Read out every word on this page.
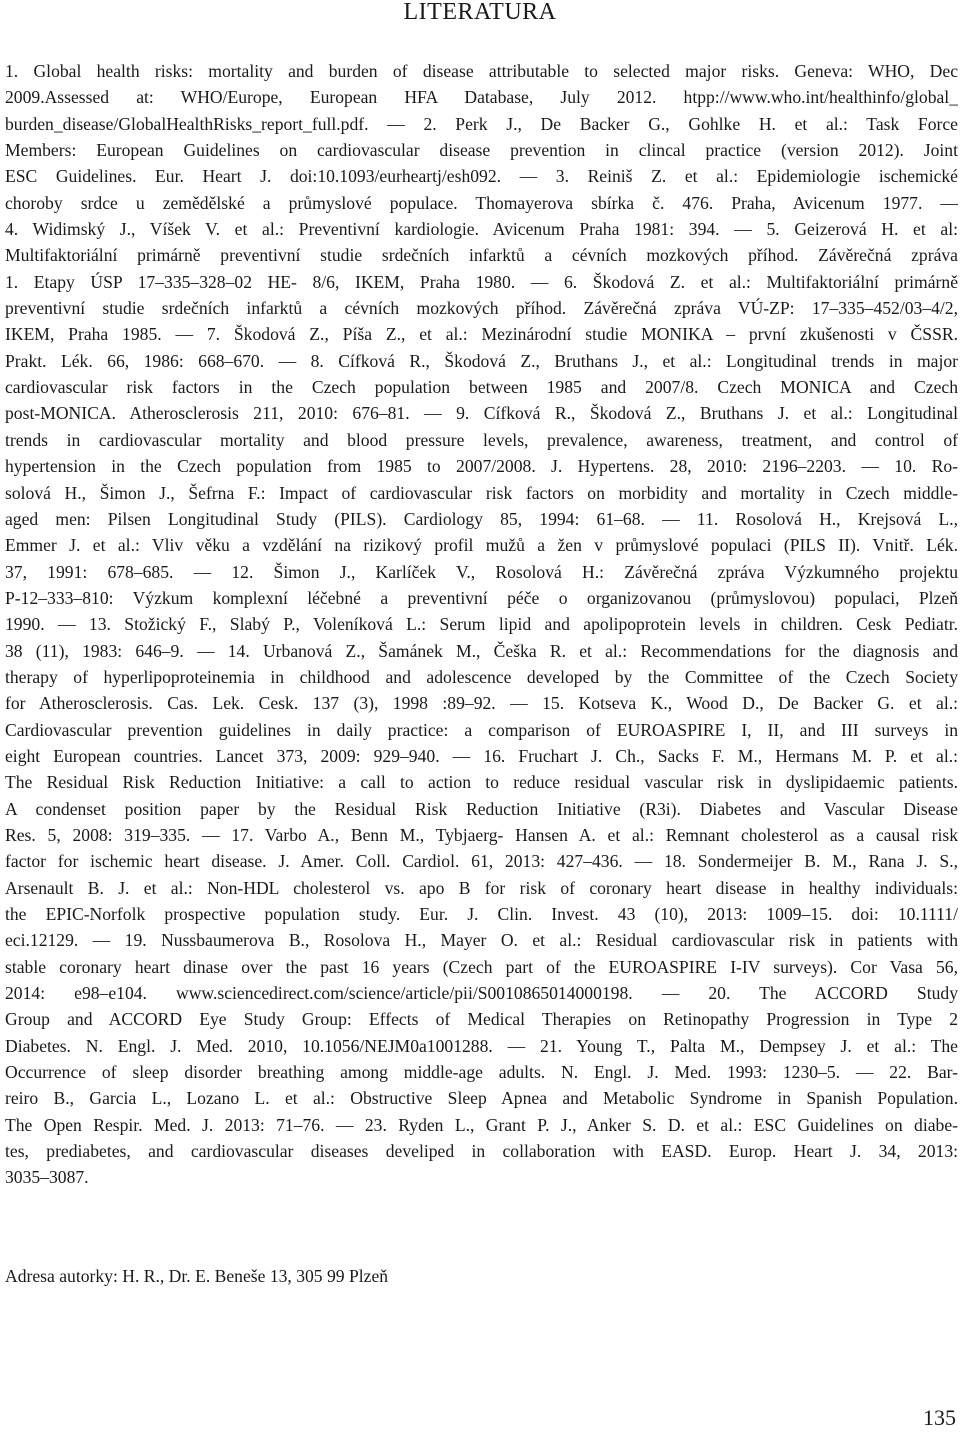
LITERATURA
1. Global health risks: mortality and burden of disease attributable to selected major risks. Geneva: WHO, Dec
2009.Assessed at: WHO/Europe, European HFA Database, July 2012. htpp://www.who.int/healthinfo/global_
burden_disease/GlobalHealthRisks_report_full.pdf. — 2. Perk J., De Backer G., Gohlke H. et al.: Task Force
Members: European Guidelines on cardiovascular disease prevention in clincal practice (version 2012). Joint
ESC Guidelines. Eur. Heart J. doi:10.1093/eurheartj/esh092. — 3. Reiniš Z. et al.: Epidemiologie ischemické
choroby srdce u zemědělské a průmyslové populace. Thomayerova sbírka č. 476. Praha, Avicenum 1977. —
4. Widimský J., Víšek V. et al.: Preventivní kardiologie. Avicenum Praha 1981: 394. — 5. Geizerová H. et al:
Multifaktoriální primárně preventivní studie srdečních infarktů a cévních mozkových příhod. Závěrečná zpráva
1. Etapy ÚSP 17–335–328–02 HE- 8/6, IKEM, Praha 1980. — 6. Škodová Z. et al.: Multifaktoriální primárně
preventivní studie srdečních infarktů a cévních mozkových příhod. Závěrečná zpráva VÚ-ZP: 17–335–452/03–4/2,
IKEM, Praha 1985. — 7. Škodová Z., Píša Z., et al.: Mezinárodní studie MONIKA – první zkušenosti v ČSSR.
Prakt. Lék. 66, 1986: 668–670. — 8. Cífková R., Škodová Z., Bruthans J., et al.: Longitudinal trends in major
cardiovascular risk factors in the Czech population between 1985 and 2007/8. Czech MONICA and Czech
post-MONICA. Atherosclerosis 211, 2010: 676–81. — 9. Cífková R., Škodová Z., Bruthans J. et al.: Longitudinal
trends in cardiovascular mortality and blood pressure levels, prevalence, awareness, treatment, and control of
hypertension in the Czech population from 1985 to 2007/2008. J. Hypertens. 28, 2010: 2196–2203. — 10. Ro-
solová H., Šimon J., Šefrna F.: Impact of cardiovascular risk factors on morbidity and mortality in Czech middle-
aged men: Pilsen Longitudinal Study (PILS). Cardiology 85, 1994: 61–68. — 11. Rosolová H., Krejsová L.,
Emmer J. et al.: Vliv věku a vzdělání na rizikový profil mužů a žen v průmyslové populaci (PILS II). Vnitř. Lék.
37, 1991: 678–685. — 12. Šimon J., Karlíček V., Rosolová H.: Závěrečná zpráva Výzkumného projektu
P-12–333–810: Výzkum komplexní léčebné a preventivní péče o organizovanou (průmyslovou) populaci, Plzeň
1990. — 13. Stožický F., Slabý P., Voleníková L.: Serum lipid and apolipoprotein levels in children. Cesk Pediatr.
38 (11), 1983: 646–9. — 14. Urbanová Z., Šamánek M., Češka R. et al.: Recommendations for the diagnosis and
therapy of hyperlipoproteinemia in childhood and adolescence developed by the Committee of the Czech Society
for Atherosclerosis. Cas. Lek. Cesk. 137 (3), 1998 :89–92. — 15. Kotseva K., Wood D., De Backer G. et al.:
Cardiovascular prevention guidelines in daily practice: a comparison of EUROASPIRE I, II, and III surveys in
eight European countries. Lancet 373, 2009: 929–940. — 16. Fruchart J. Ch., Sacks F. M., Hermans M. P. et al.:
The Residual Risk Reduction Initiative: a call to action to reduce residual vascular risk in dyslipidaemic patients.
A condenset position paper by the Residual Risk Reduction Initiative (R3i). Diabetes and Vascular Disease
Res. 5, 2008: 319–335. — 17. Varbo A., Benn M., Tybjaerg- Hansen A. et al.: Remnant cholesterol as a causal risk
factor for ischemic heart disease. J. Amer. Coll. Cardiol. 61, 2013: 427–436. — 18. Sondermeijer B. M., Rana J. S.,
Arsenault B. J. et al.: Non-HDL cholesterol vs. apo B for risk of coronary heart disease in healthy individuals:
the EPIC-Norfolk prospective population study. Eur. J. Clin. Invest. 43 (10), 2013: 1009–15. doi: 10.1111/
eci.12129. — 19. Nussbaumerova B., Rosolova H., Mayer O. et al.: Residual cardiovascular risk in patients with
stable coronary heart dinase over the past 16 years (Czech part of the EUROASPIRE I-IV surveys). Cor Vasa 56,
2014: e98–e104. www.sciencedirect.com/science/article/pii/S0010865014000198. — 20. The ACCORD Study
Group and ACCORD Eye Study Group: Effects of Medical Therapies on Retinopathy Progression in Type 2
Diabetes. N. Engl. J. Med. 2010, 10.1056/NEJM0a1001288. — 21. Young T., Palta M., Dempsey J. et al.: The
Occurrence of sleep disorder breathing among middle-age adults. N. Engl. J. Med. 1993: 1230–5. — 22. Bar-
reiro B., Garcia L., Lozano L. et al.: Obstructive Sleep Apnea and Metabolic Syndrome in Spanish Population.
The Open Respir. Med. J. 2013: 71–76. — 23. Ryden L., Grant P. J., Anker S. D. et al.: ESC Guidelines on diabe-
tes, prediabetes, and cardiovascular diseases develiped in collaboration with EASD. Europ. Heart J. 34, 2013:
3035–3087.

Adresa autorky: H. R., Dr. E. Beneše 13, 305 99 Plzeň

135
